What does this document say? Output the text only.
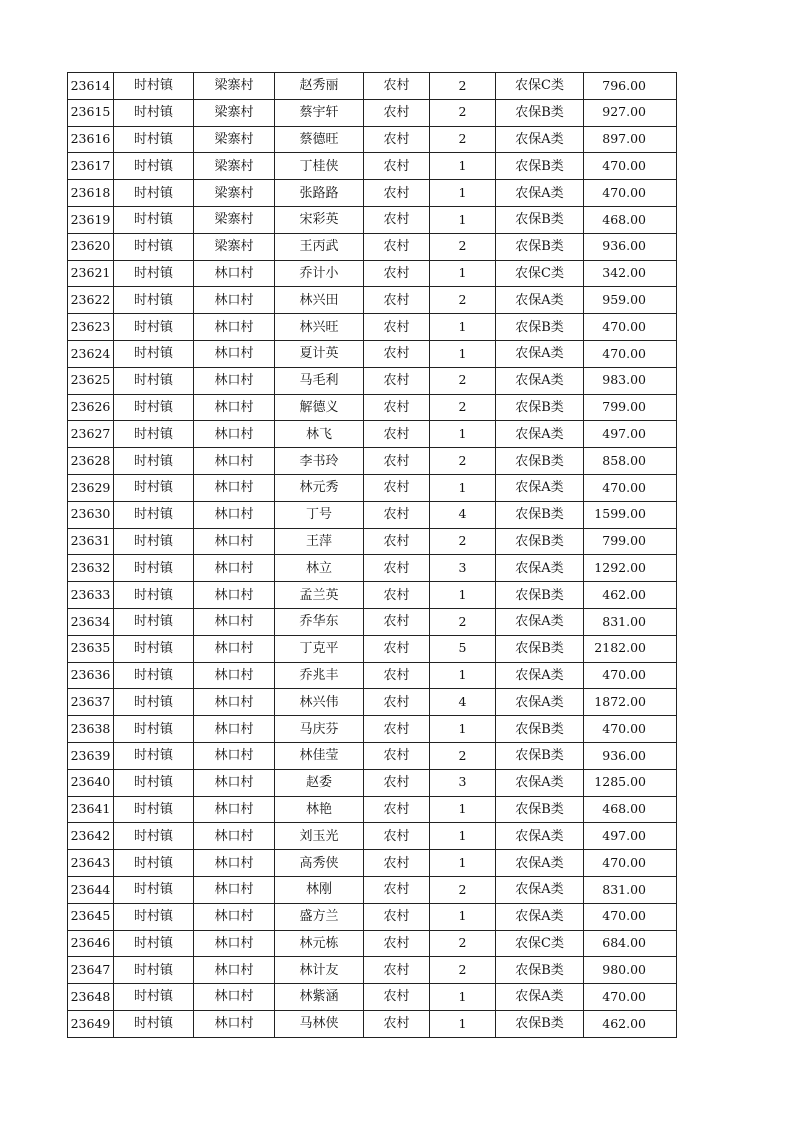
23614	时村镇	梁寨村	赵秀丽	农村	2	农保C类	796.00
23615	时村镇	梁寨村	蔡宇轩	农村	2	农保B类	927.00
23616	时村镇	梁寨村	蔡德旺	农村	2	农保A类	897.00
23617	时村镇	梁寨村	丁桂侠	农村	1	农保B类	470.00
23618	时村镇	梁寨村	张路路	农村	1	农保A类	470.00
23619	时村镇	梁寨村	宋彩英	农村	1	农保B类	468.00
23620	时村镇	梁寨村	王丙武	农村	2	农保B类	936.00
23621	时村镇	林口村	乔计小	农村	1	农保C类	342.00
23622	时村镇	林口村	林兴田	农村	2	农保A类	959.00
23623	时村镇	林口村	林兴旺	农村	1	农保B类	470.00
23624	时村镇	林口村	夏计英	农村	1	农保A类	470.00
23625	时村镇	林口村	马毛利	农村	2	农保A类	983.00
23626	时村镇	林口村	解德义	农村	2	农保B类	799.00
23627	时村镇	林口村	林飞	农村	1	农保A类	497.00
23628	时村镇	林口村	李书玲	农村	2	农保B类	858.00
23629	时村镇	林口村	林元秀	农村	1	农保A类	470.00
23630	时村镇	林口村	丁号	农村	4	农保B类	1599.00
23631	时村镇	林口村	王萍	农村	2	农保B类	799.00
23632	时村镇	林口村	林立	农村	3	农保A类	1292.00
23633	时村镇	林口村	孟兰英	农村	1	农保B类	462.00
23634	时村镇	林口村	乔华东	农村	2	农保A类	831.00
23635	时村镇	林口村	丁克平	农村	5	农保B类	2182.00
23636	时村镇	林口村	乔兆丰	农村	1	农保A类	470.00
23637	时村镇	林口村	林兴伟	农村	4	农保A类	1872.00
23638	时村镇	林口村	马庆芬	农村	1	农保B类	470.00
23639	时村镇	林口村	林佳莹	农村	2	农保B类	936.00
23640	时村镇	林口村	赵委	农村	3	农保A类	1285.00
23641	时村镇	林口村	林艳	农村	1	农保B类	468.00
23642	时村镇	林口村	刘玉光	农村	1	农保A类	497.00
23643	时村镇	林口村	高秀侠	农村	1	农保A类	470.00
23644	时村镇	林口村	林刚	农村	2	农保A类	831.00
23645	时村镇	林口村	盛方兰	农村	1	农保A类	470.00
23646	时村镇	林口村	林元栋	农村	2	农保C类	684.00
23647	时村镇	林口村	林计友	农村	2	农保B类	980.00
23648	时村镇	林口村	林紫涵	农村	1	农保A类	470.00
23649	时村镇	林口村	马林侠	农村	1	农保B类	462.00
